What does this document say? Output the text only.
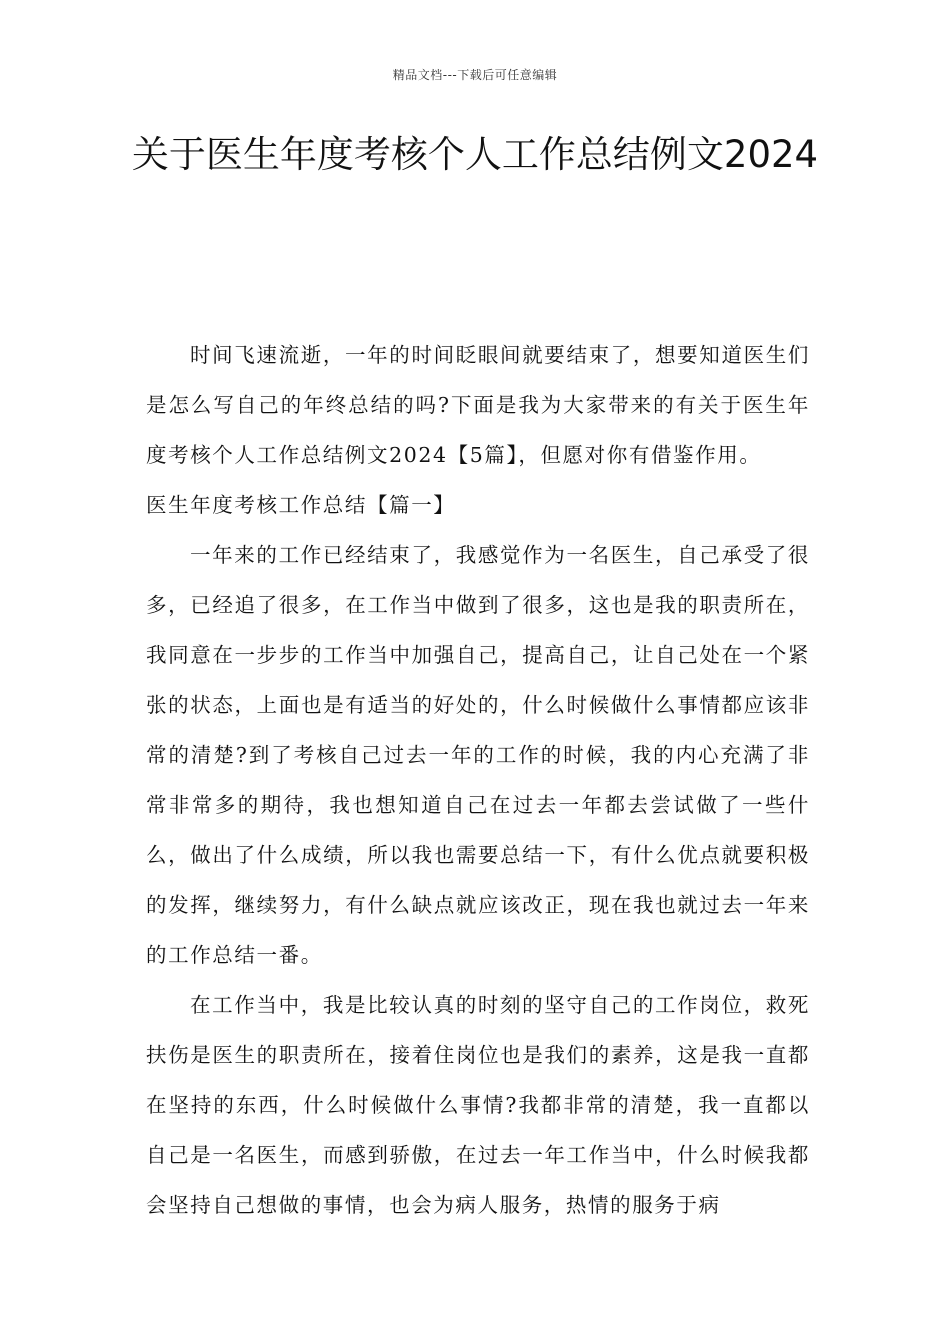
精品文档---下载后可任意编辑
关于医生年度考核个人工作总结例文2024

时间飞速流逝，一年的时间眨眼间就要结束了，想要知道医生们是怎么写自己的年终总结的吗?下面是我为大家带来的有关于医生年度考核个人工作总结例文2024【5篇】，但愿对你有借鉴作用。

医生年度考核工作总结【篇一】

一年来的工作已经结束了，我感觉作为一名医生，自己承受了很多，已经追了很多，在工作当中做到了很多，这也是我的职责所在，我同意在一步步的工作当中加强自己，提高自己，让自己处在一个紧张的状态，上面也是有适当的好处的，什么时候做什么事情都应该非常的清楚?到了考核自己过去一年的工作的时候，我的内心充满了非常非常多的期待，我也想知道自己在过去一年都去尝试做了一些什么，做出了什么成绩，所以我也需要总结一下，有什么优点就要积极的发挥，继续努力，有什么缺点就应该改正，现在我也就过去一年来的工作总结一番。

在工作当中，我是比较认真的时刻的坚守自己的工作岗位，救死扶伤是医生的职责所在，接着住岗位也是我们的素养，这是我一直都在坚持的东西，什么时候做什么事情?我都非常的清楚，我一直都以自己是一名医生，而感到骄傲，在过去一年工作当中，什么时候我都会坚持自己想做的事情，也会为病人服务，热情的服务于病
